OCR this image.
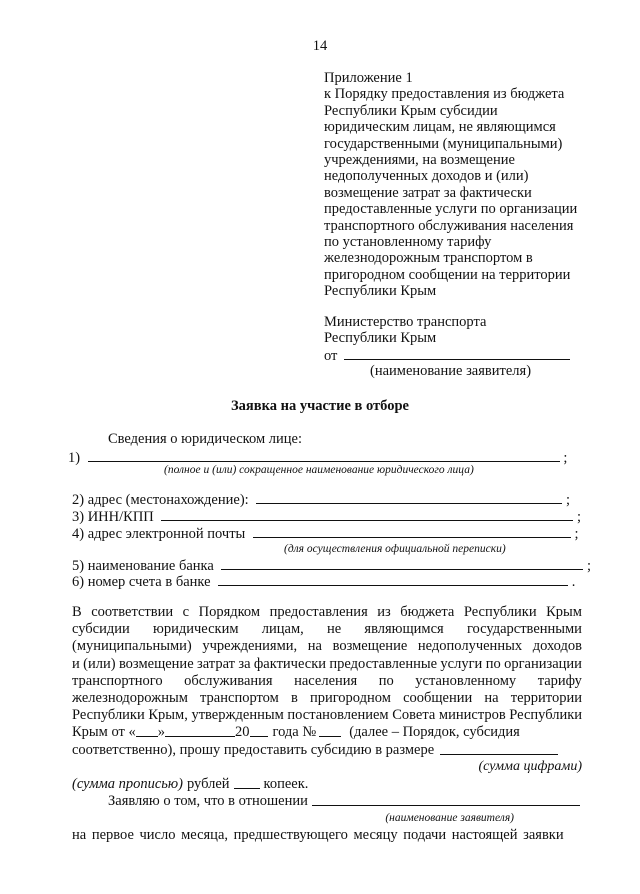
14
Приложение 1
к Порядку предоставления из бюджета
Республики Крым субсидии
юридическим лицам, не являющимся
государственными (муниципальными)
учреждениями, на возмещение
недополученных доходов и (или)
возмещение затрат за фактически
предоставленные услуги по организации
транспортного обслуживания населения
по установленному тарифу
железнодорожным транспортом в
пригородном сообщении на территории
Республики Крым
Министерство транспорта
Республики Крым
от
(наименование заявителя)
Заявка на участие в отборе
Сведения о юридическом лице:
1)	;
(полное и (или) сокращенное наименование юридического лица)
2) адрес (местонахождение):	;
3) ИНН/КПП	;
4) адрес электронной почты	;
(для осуществления официальной переписки)
5) наименование банка	;
6) номер счета в банке	.
В соответствии с Порядком предоставления из бюджета Республики Крым
субсидии юридическим лицам, не являющимся государственными
(муниципальными) учреждениями, на возмещение недополученных доходов
и (или) возмещение затрат за фактически предоставленные услуги по организации
транспортного обслуживания населения по установленному тарифу
железнодорожным транспортом в пригородном сообщении на территории
Республики Крым, утвержденным постановлением Совета министров Республики
Крым от « »	20 года № (далее – Порядок, субсидия
соответственно), прошу предоставить субсидию в размере
(сумма цифрами)
(сумма прописью) рублей копеек.
Заявляю о том, что в отношении
(наименование заявителя)
на первое число месяца, предшествующего месяцу подачи настоящей заявки
